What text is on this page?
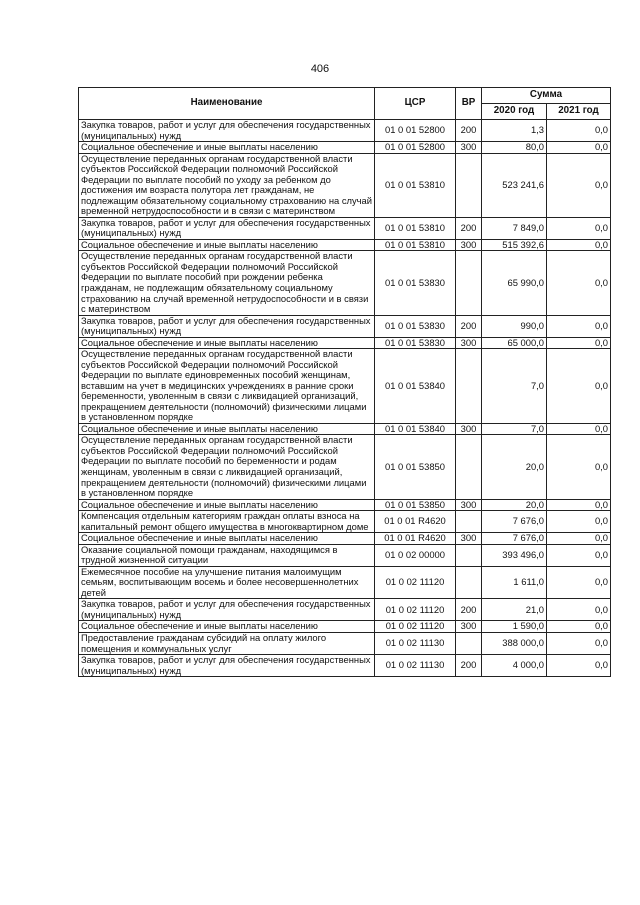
406
Наименование	ЦСР	ВР	Сумма	
			2020 год	2021 год
Закупка товаров, работ и услуг для обеспечения государственных (муниципальных) нужд	01 0 01 52800	200	1,3	0,0
Социальное обеспечение и иные выплаты населению	01 0 01 52800	300	80,0	0,0
Осуществление переданных органам государственной власти субъектов Российской Федерации полномочий Российской Федерации по выплате пособий по уходу за ребенком до достижения им возраста полутора лет гражданам, не подлежащим обязательному социальному страхованию на случай временной нетрудоспособности и в связи с материнством	01 0 01 53810		523 241,6	0,0
Закупка товаров, работ и услуг для обеспечения государственных (муниципальных) нужд	01 0 01 53810	200	7 849,0	0,0
Социальное обеспечение и иные выплаты населению	01 0 01 53810	300	515 392,6	0,0
Осуществление переданных органам государственной власти субъектов Российской Федерации полномочий Российской Федерации по выплате пособий при рождении ребенка гражданам, не подлежащим обязательному социальному страхованию на случай временной нетрудоспособности и в связи с материнством	01 0 01 53830		65 990,0	0,0
Закупка товаров, работ и услуг для обеспечения государственных (муниципальных) нужд	01 0 01 53830	200	990,0	0,0
Социальное обеспечение и иные выплаты населению	01 0 01 53830	300	65 000,0	0,0
Осуществление переданных органам государственной власти субъектов Российской Федерации полномочий Российской Федерации по выплате единовременных пособий женщинам, вставшим на учет в медицинских учреждениях в ранние сроки беременности, уволенным в связи с ликвидацией организаций, прекращением деятельности (полномочий) физическими лицами в установленном порядке	01 0 01 53840		7,0	0,0
Социальное обеспечение и иные выплаты населению	01 0 01 53840	300	7,0	0,0
Осуществление переданных органам государственной власти субъектов Российской Федерации полномочий Российской Федерации по выплате пособий по беременности и родам женщинам, уволенным в связи с ликвидацией организаций, прекращением деятельности (полномочий) физическими лицами в установленном порядке	01 0 01 53850		20,0	0,0
Социальное обеспечение и иные выплаты населению	01 0 01 53850	300	20,0	0,0
Компенсация отдельным категориям граждан оплаты взноса на капитальный ремонт общего имущества в многоквартирном доме	01 0 01 R4620		7 676,0	0,0
Социальное обеспечение и иные выплаты населению	01 0 01 R4620	300	7 676,0	0,0
Оказание социальной помощи гражданам, находящимся в трудной жизненной ситуации	01 0 02 00000		393 496,0	0,0
Ежемесячное пособие на улучшение питания малоимущим семьям, воспитывающим восемь и более несовершеннолетних детей	01 0 02 11120		1 611,0	0,0
Закупка товаров, работ и услуг для обеспечения государственных (муниципальных) нужд	01 0 02 11120	200	21,0	0,0
Социальное обеспечение и иные выплаты населению	01 0 02 11120	300	1 590,0	0,0
Предоставление гражданам субсидий на оплату жилого помещения и коммунальных услуг	01 0 02 11130		388 000,0	0,0
Закупка товаров, работ и услуг для обеспечения государственных (муниципальных) нужд	01 0 02 11130	200	4 000,0	0,0
